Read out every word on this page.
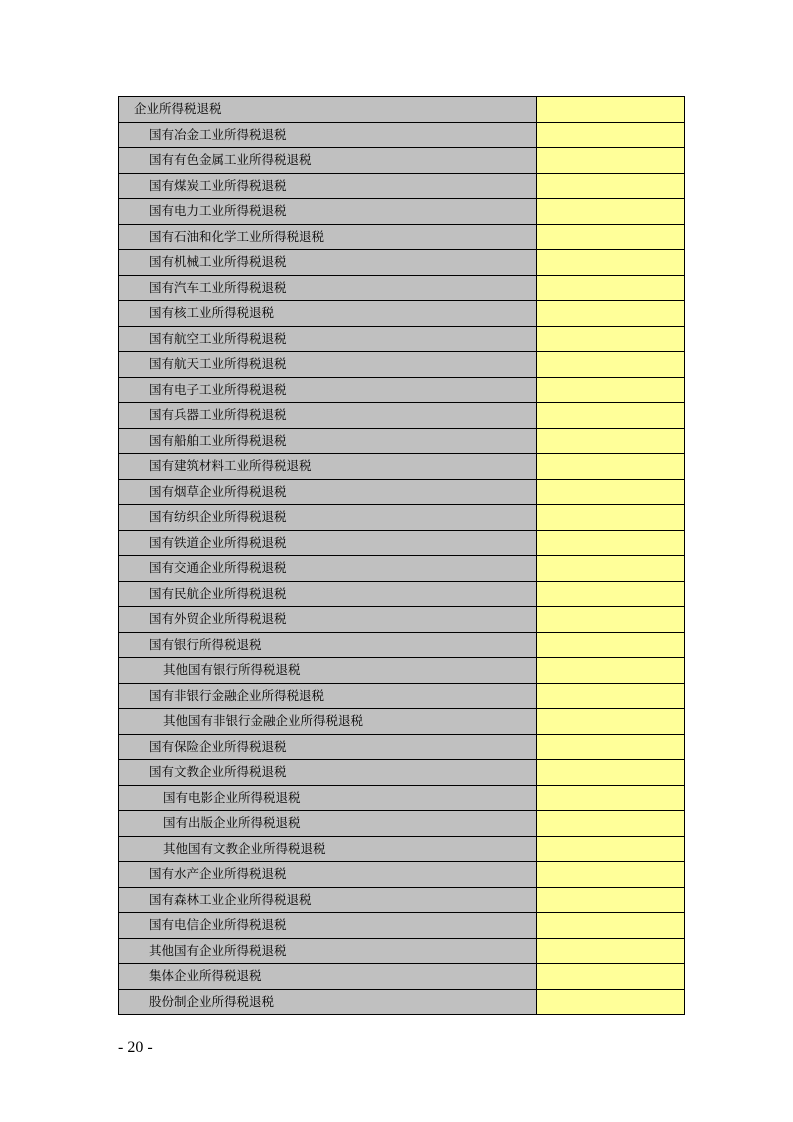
企业所得税退税	
国有冶金工业所得税退税	
国有有色金属工业所得税退税	
国有煤炭工业所得税退税	
国有电力工业所得税退税	
国有石油和化学工业所得税退税	
国有机械工业所得税退税	
国有汽车工业所得税退税	
国有核工业所得税退税	
国有航空工业所得税退税	
国有航天工业所得税退税	
国有电子工业所得税退税	
国有兵器工业所得税退税	
国有船舶工业所得税退税	
国有建筑材料工业所得税退税	
国有烟草企业所得税退税	
国有纺织企业所得税退税	
国有铁道企业所得税退税	
国有交通企业所得税退税	
国有民航企业所得税退税	
国有外贸企业所得税退税	
国有银行所得税退税	
其他国有银行所得税退税	
国有非银行金融企业所得税退税	
其他国有非银行金融企业所得税退税	
国有保险企业所得税退税	
国有文教企业所得税退税	
国有电影企业所得税退税	
国有出版企业所得税退税	
其他国有文教企业所得税退税	
国有水产企业所得税退税	
国有森林工业企业所得税退税	
国有电信企业所得税退税	
其他国有企业所得税退税	
集体企业所得税退税	
股份制企业所得税退税	
- 20 -
